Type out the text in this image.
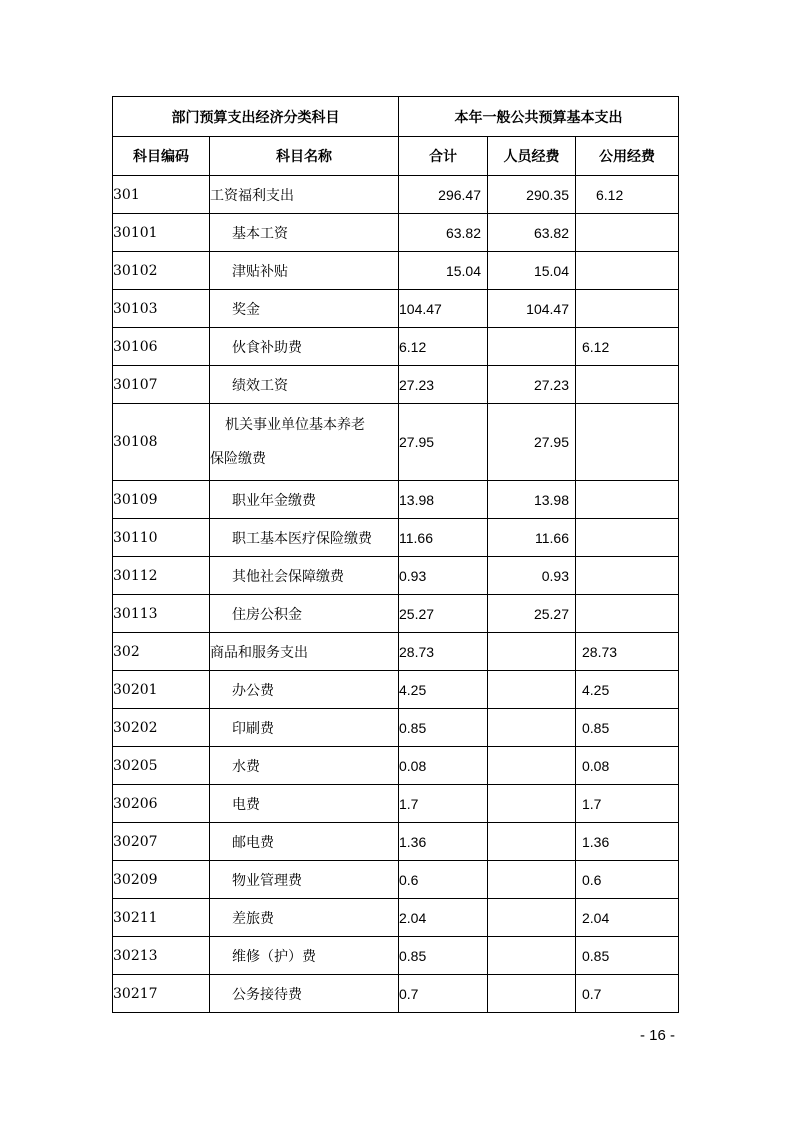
部门预算支出经济分类科目		本年一般公共预算基本支出		
科目编码	科目名称	合计	人员经费	公用经费
301	工资福利支出	296.47	290.35	6.12
30101	基本工资	63.82	63.82	
30102	津贴补贴	15.04	15.04	
30103	奖金	104.47	104.47	
30106	伙食补助费	6.12		6.12
30107	绩效工资	27.23	27.23	
30108	机关事业单位基本养老
保险缴费	27.95	27.95	
30109	职业年金缴费	13.98	13.98	
30110	职工基本医疗保险缴费	11.66	11.66	
30112	其他社会保障缴费	0.93	0.93	
30113	住房公积金	25.27	25.27	
302	商品和服务支出	28.73		28.73
30201	办公费	4.25		4.25
30202	印刷费	0.85		0.85
30205	水费	0.08		0.08
30206	电费	1.7		1.7
30207	邮电费	1.36		1.36
30209	物业管理费	0.6		0.6
30211	差旅费	2.04		2.04
30213	维修（护）费	0.85		0.85
30217	公务接待费	0.7		0.7
- 16 -
